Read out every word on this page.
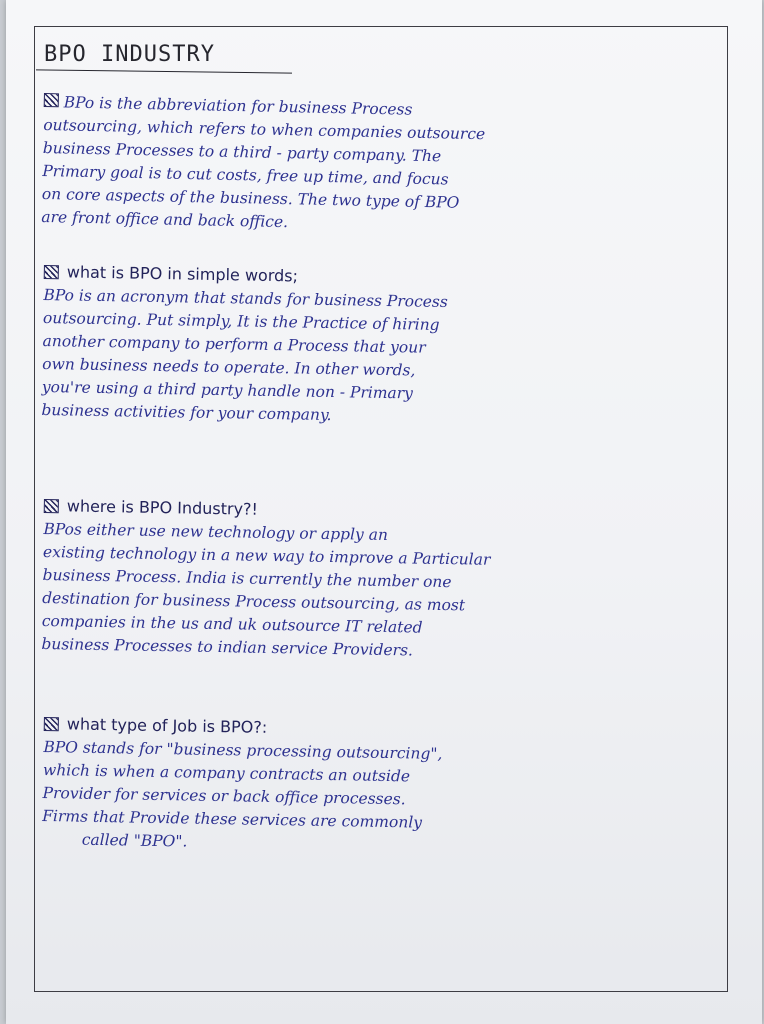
BPO INDUSTRY
BPo is the abbreviation for business Process
outsourcing, which refers to when companies outsource
business Processes to a third - party company. The
Primary goal is to cut costs, free up time, and focus
on core aspects of the business. The two type of BPO
are front office and back office.
what is BPO in simple words;
BPo is an acronym that stands for business Process
outsourcing. Put simply, It is the Practice of hiring
another company to perform a Process that your
own business needs to operate. In other words,
you're using a third party handle non - Primary
business activities for your company.
where is BPO Industry?!
BPos either use new technology or apply an
existing technology in a new way to improve a Particular
business Process. India is currently the number one
destination for business Process outsourcing, as most
companies in the us and uk outsource IT related
business Processes to indian service Providers.
what type of Job is BPO?:
BPO stands for "business processing outsourcing",
which is when a company contracts an outside
Provider for services or back office processes.
Firms that Provide these services are commonly
called "BPO".
